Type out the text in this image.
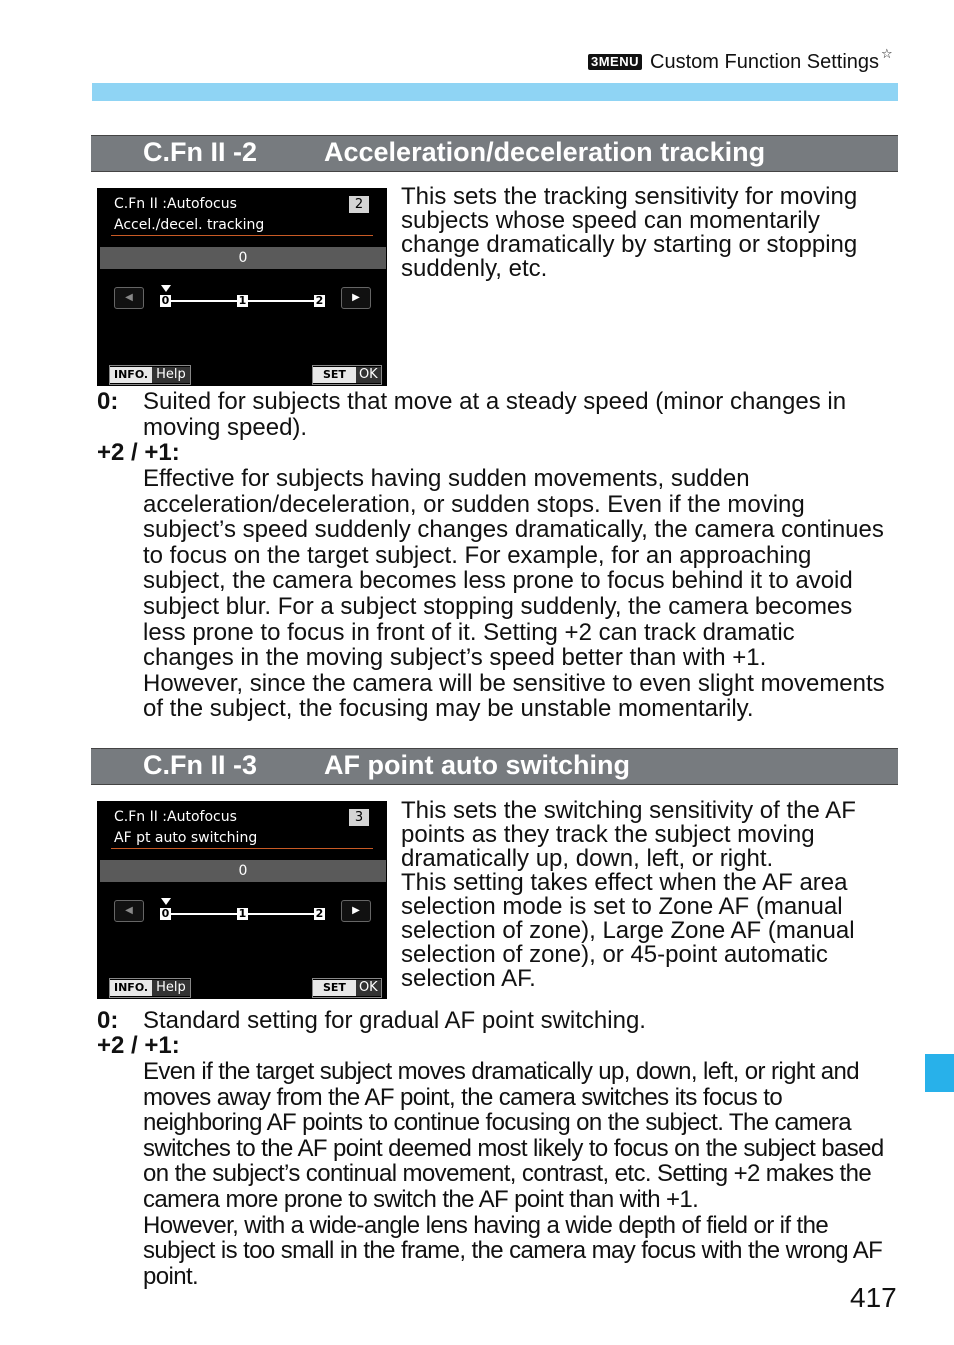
3MENU Custom Function Settings ☆
C.Fn II -2 Acceleration/deceleration tracking
C.Fn II :Autofocus
Accel./decel. tracking
2
0
◀	0	1	2	▶
INFO. Help	SET	OK

This sets the tracking sensitivity for moving subjects whose speed can momentarily change dramatically by starting or stopping suddenly, etc.

0: Suited for subjects that move at a steady speed (minor changes in moving speed).
+2 / +1:

Effective for subjects having sudden movements, sudden acceleration/deceleration, or sudden stops. Even if the moving subject’s speed suddenly changes dramatically, the camera continues to focus on the target subject. For example, for an approaching subject, the camera becomes less prone to focus behind it to avoid subject blur. For a subject stopping suddenly, the camera becomes less prone to focus in front of it. Setting +2 can track dramatic changes in the moving subject’s speed better than with +1.

However, since the camera will be sensitive to even slight movements of the subject, the focusing may be unstable momentarily.

C.Fn II -3 AF point auto switching
C.Fn II :Autofocus
AF pt auto switching
3
0
◀	0	1	2	▶
INFO. Help	SET	OK

This sets the switching sensitivity of the AF points as they track the subject moving dramatically up, down, left, or right.

This setting takes effect when the AF area selection mode is set to Zone AF (manual selection of zone), Large Zone AF (manual selection of zone), or 45-point automatic selection AF.

0: Standard setting for gradual AF point switching.
+2 / +1:

Even if the target subject moves dramatically up, down, left, or right and moves away from the AF point, the camera switches its focus to neighboring AF points to continue focusing on the subject. The camera switches to the AF point deemed most likely to focus on the subject based on the subject’s continual movement, contrast, etc. Setting +2 makes the camera more prone to switch the AF point than with +1.

However, with a wide-angle lens having a wide depth of field or if the subject is too small in the frame, the camera may focus with the wrong AF point.

417
